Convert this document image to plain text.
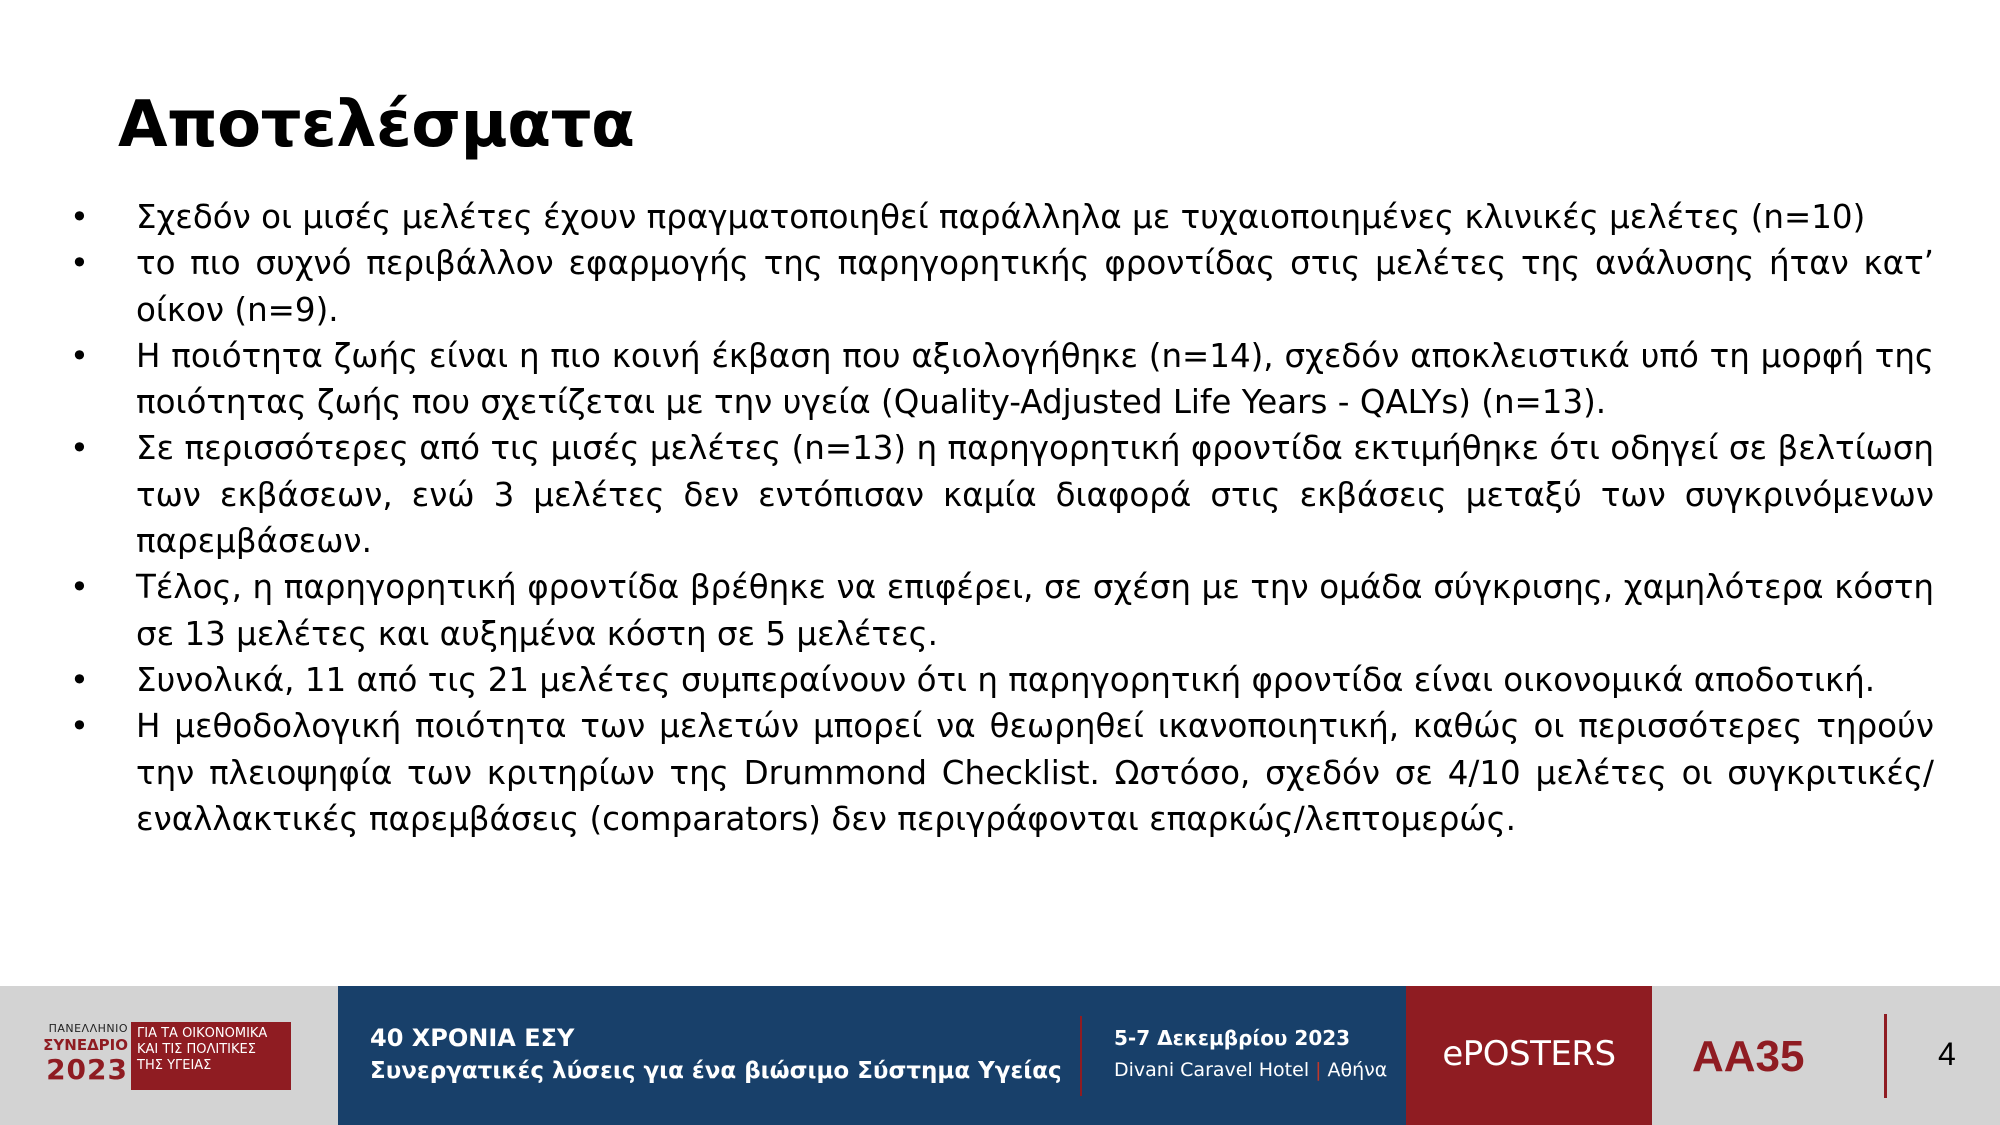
Αποτελέσματα
• Σχεδόν οι μισές μελέτες έχουν πραγματοποιηθεί παράλληλα με τυχαιοποιημένες κλινικές μελέτες (n=10)
• το πιο συχνό περιβάλλον εφαρμογής της παρηγορητικής φροντίδας στις μελέτες της ανάλυσης ήταν κατ’ οίκον (n=9).
• Η ποιότητα ζωής είναι η πιο κοινή έκβαση που αξιολογήθηκε (n=14), σχεδόν αποκλειστικά υπό τη μορφή της ποιότητας ζωής που σχετίζεται με την υγεία (Quality-Adjusted Life Years - QALYs) (n=13).
• Σε περισσότερες από τις μισές μελέτες (n=13) η παρηγορητική φροντίδα εκτιμήθηκε ότι οδηγεί σε βελτίωση των εκβάσεων, ενώ 3 μελέτες δεν εντόπισαν καμία διαφορά στις εκβάσεις μεταξύ των συγκρινόμενων παρεμβάσεων.
• Τέλος, η παρηγορητική φροντίδα βρέθηκε να επιφέρει, σε σχέση με την ομάδα σύγκρισης, χαμηλότερα κόστη σε 13 μελέτες και αυξημένα κόστη σε 5 μελέτες.
• Συνολικά, 11 από τις 21 μελέτες συμπεραίνουν ότι η παρηγορητική φροντίδα είναι οικονομικά αποδοτική.
• Η μεθοδολογική ποιότητα των μελετών μπορεί να θεωρηθεί ικανοποιητική, καθώς οι περισσότερες τηρούν την πλειοψηφία των κριτηρίων της Drummond Checklist. Ωστόσο, σχεδόν σε 4/10 μελέτες οι συγκριτικές/εναλλακτικές παρεμβάσεις (comparators) δεν περιγράφονται επαρκώς/λεπτομερώς.
ΠΑΝΕΛΛΗΝΙΟ
ΣΥΝΕΔΡΙΟ
2023
ΓΙΑ ΤΑ ΟΙΚΟΝΟΜΙΚΑ
ΚΑΙ ΤΙΣ ΠΟΛΙΤΙΚΕΣ
ΤΗΣ ΥΓΕΙΑΣ
40 ΧΡΟΝΙΑ ΕΣΥ
Συνεργατικές λύσεις για ένα βιώσιμο Σύστημα Υγείας
5-7 Δεκεμβρίου 2023
Divani Caravel Hotel | Αθήνα	ePOSTERS	AA35	4
